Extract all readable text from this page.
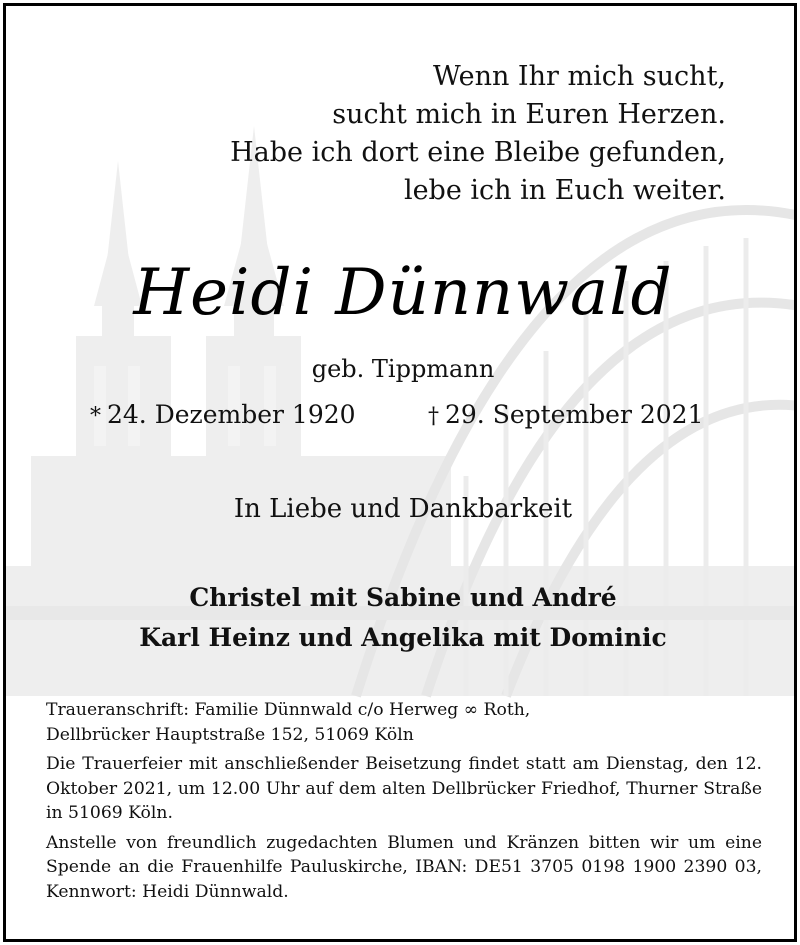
Wenn Ihr mich sucht,
sucht mich in Euren Herzen.
Habe ich dort eine Bleibe gefunden,
lebe ich in Euch weiter.
Heidi Dünnwald
geb. Tippmann
* 24. Dezember 1920	† 29. September 2021
In Liebe und Dankbarkeit
Christel mit Sabine und André
Karl Heinz und Angelika mit Dominic

Traueranschrift: Familie Dünnwald c/o Herweg ∞ Roth,
Dellbrücker Hauptstraße 152, 51069 Köln

Die Trauerfeier mit anschließender Beisetzung findet statt am Dienstag, den 12. Oktober 2021, um 12.00 Uhr auf dem alten Dellbrücker Friedhof, Thurner Straße in 51069 Köln.

Anstelle von freundlich zugedachten Blumen und Kränzen bitten wir um eine Spende an die Frauenhilfe Pauluskirche, IBAN: DE51 3705 0198 1900 2390 03, Kennwort: Heidi Dünnwald.
